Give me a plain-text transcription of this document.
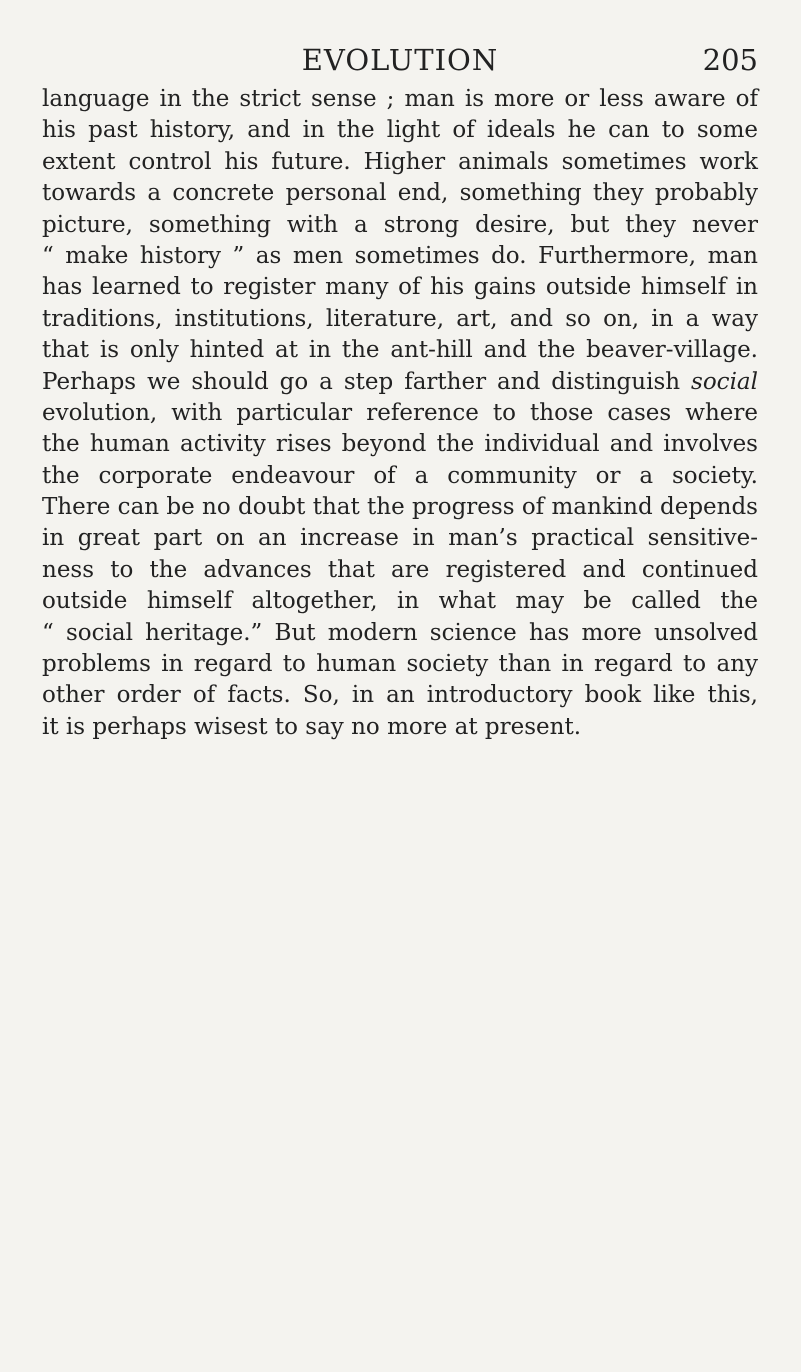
EVOLUTION	205
language in the strict sense ; man is more or less aware of
his past history, and in the light of ideals he can to some
extent control his future. Higher animals sometimes work
towards a concrete personal end, something they probably
picture, something with a strong desire, but they never
“ make history ” as men sometimes do. Furthermore, man
has learned to register many of his gains outside himself in
traditions, institutions, literature, art, and so on, in a way
that is only hinted at in the ant-hill and the beaver-village.
Perhaps we should go a step farther and distinguish social
evolution, with particular reference to those cases where
the human activity rises beyond the individual and involves
the corporate endeavour of a community or a society.
There can be no doubt that the progress of mankind depends
in great part on an increase in man’s practical sensitive-
ness to the advances that are registered and continued
outside himself altogether, in what may be called the
“ social heritage.” But modern science has more unsolved
problems in regard to human society than in regard to any
other order of facts. So, in an introductory book like this,
it is perhaps wisest to say no more at present.
